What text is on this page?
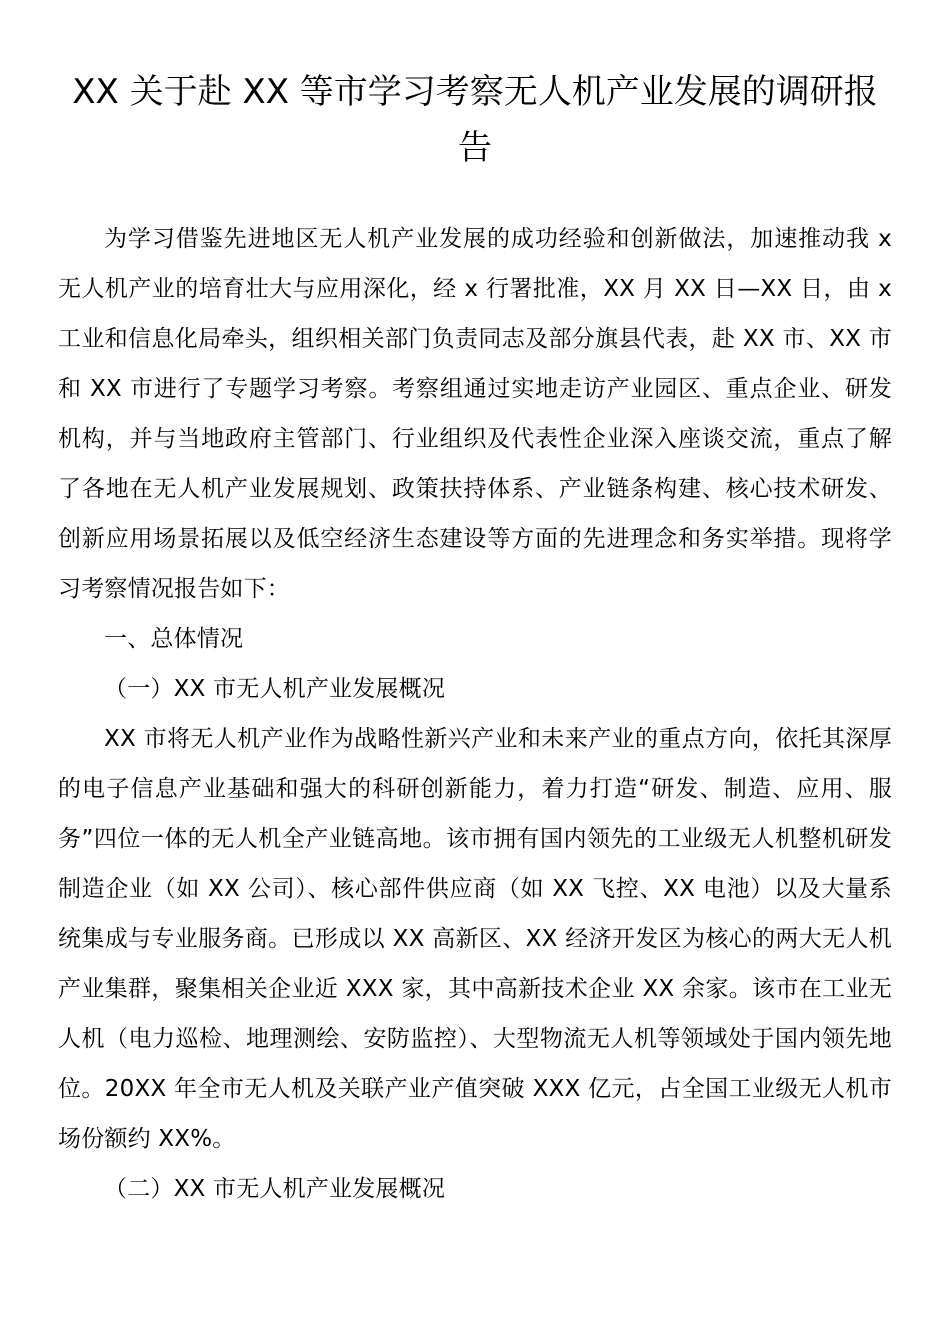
XX 关于赴 XX 等市学习考察无人机产业发展的调研报告

为学习借鉴先进地区无人机产业发展的成功经验和创新做法，加速推动我 x 无人机产业的培育壮大与应用深化，经 x 行署批准，XX 月 XX 日—XX 日，由 x 工业和信息化局牵头，组织相关部门负责同志及部分旗县代表，赴 XX 市、XX 市和 XX 市进行了专题学习考察。考察组通过实地走访产业园区、重点企业、研发机构，并与当地政府主管部门、行业组织及代表性企业深入座谈交流，重点了解了各地在无人机产业发展规划、政策扶持体系、产业链条构建、核心技术研发、创新应用场景拓展以及低空经济生态建设等方面的先进理念和务实举措。现将学习考察情况报告如下：

一、总体情况

（一）XX 市无人机产业发展概况

XX 市将无人机产业作为战略性新兴产业和未来产业的重点方向，依托其深厚的电子信息产业基础和强大的科研创新能力，着力打造“研发、制造、应用、服务”四位一体的无人机全产业链高地。该市拥有国内领先的工业级无人机整机研发制造企业（如 XX 公司）、核心部件供应商（如 XX 飞控、XX 电池）以及大量系统集成与专业服务商。已形成以 XX 高新区、XX 经济开发区为核心的两大无人机产业集群，聚集相关企业近 XXX 家，其中高新技术企业 XX 余家。该市在工业无人机（电力巡检、地理测绘、安防监控）、大型物流无人机等领域处于国内领先地位。20XX 年全市无人机及关联产业产值突破 XXX 亿元，占全国工业级无人机市场份额约 XX%。

（二）XX 市无人机产业发展概况
